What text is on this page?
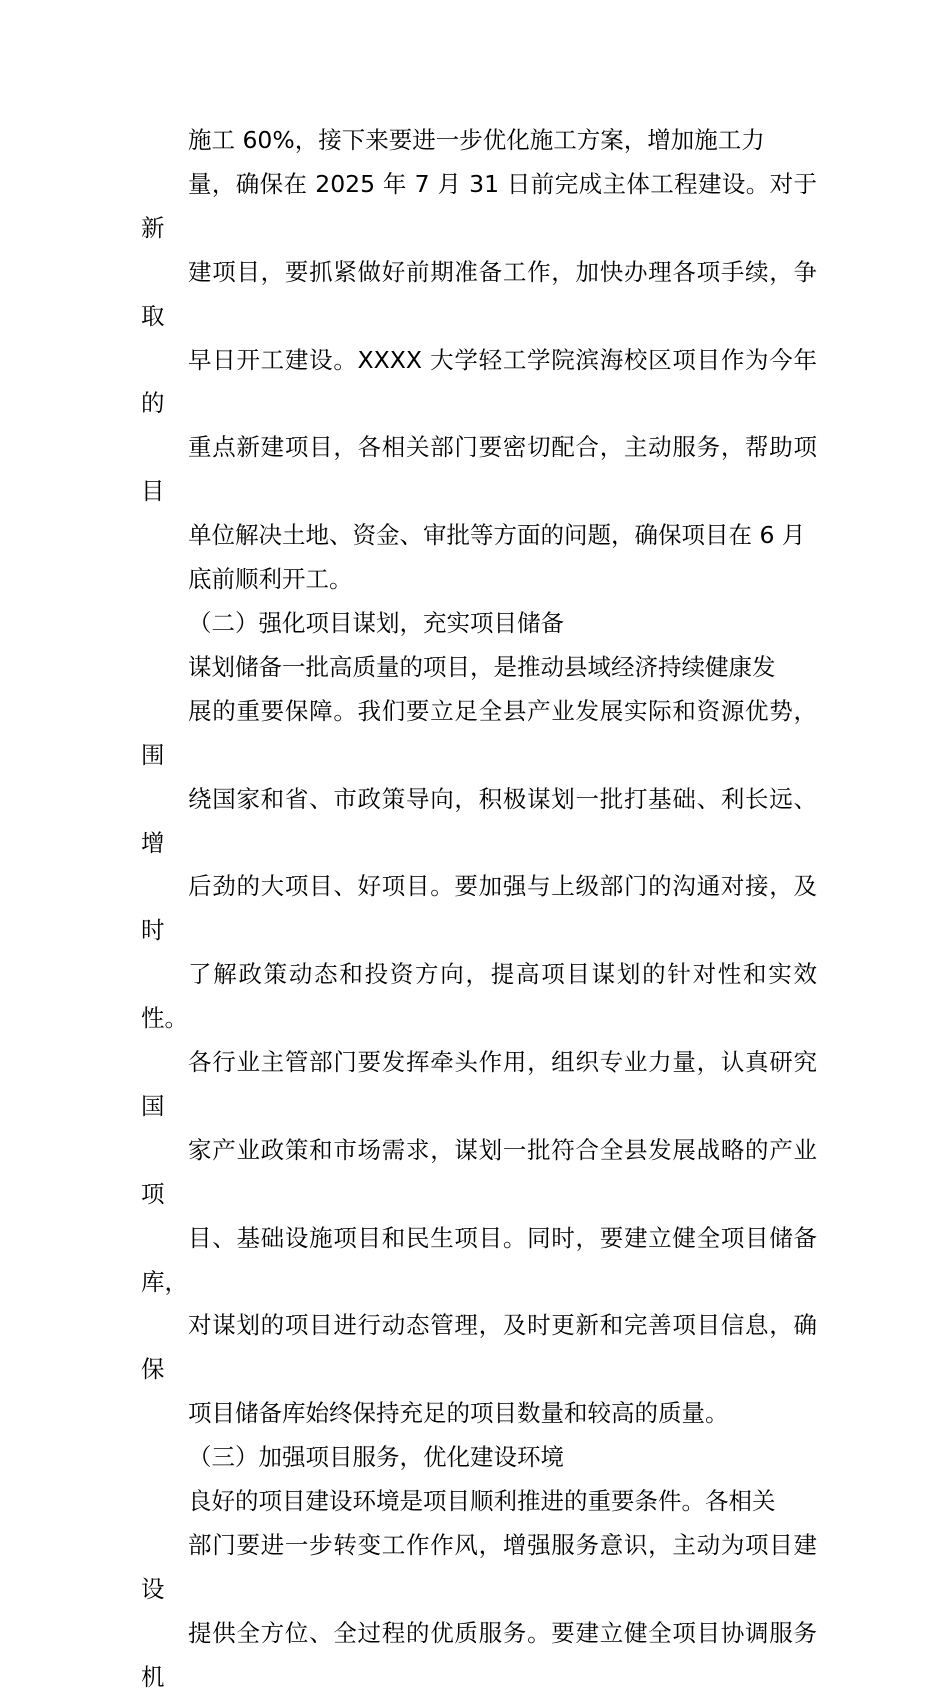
施工 60%，接下来要进一步优化施工方案，增加施工力
量，确保在 2025 年 7 月 31 日前完成主体工程建设。对于新
建项目，要抓紧做好前期准备工作，加快办理各项手续，争取
早日开工建设。XXXX 大学轻工学院滨海校区项目作为今年的
重点新建项目，各相关部门要密切配合，主动服务，帮助项目
单位解决土地、资金、审批等方面的问题，确保项目在 6 月
底前顺利开工。

（二）强化项目谋划，充实项目储备

谋划储备一批高质量的项目，是推动县域经济持续健康发
展的重要保障。我们要立足全县产业发展实际和资源优势，围
绕国家和省、市政策导向，积极谋划一批打基础、利长远、增
后劲的大项目、好项目。要加强与上级部门的沟通对接，及时
了解政策动态和投资方向，提高项目谋划的针对性和实效性。
各行业主管部门要发挥牵头作用，组织专业力量，认真研究国
家产业政策和市场需求，谋划一批符合全县发展战略的产业项
目、基础设施项目和民生项目。同时，要建立健全项目储备库，
对谋划的项目进行动态管理，及时更新和完善项目信息，确保
项目储备库始终保持充足的项目数量和较高的质量。

（三）加强项目服务，优化建设环境

良好的项目建设环境是项目顺利推进的重要条件。各相关
部门要进一步转变工作作风，增强服务意识，主动为项目建设
提供全方位、全过程的优质服务。要建立健全项目协调服务机
